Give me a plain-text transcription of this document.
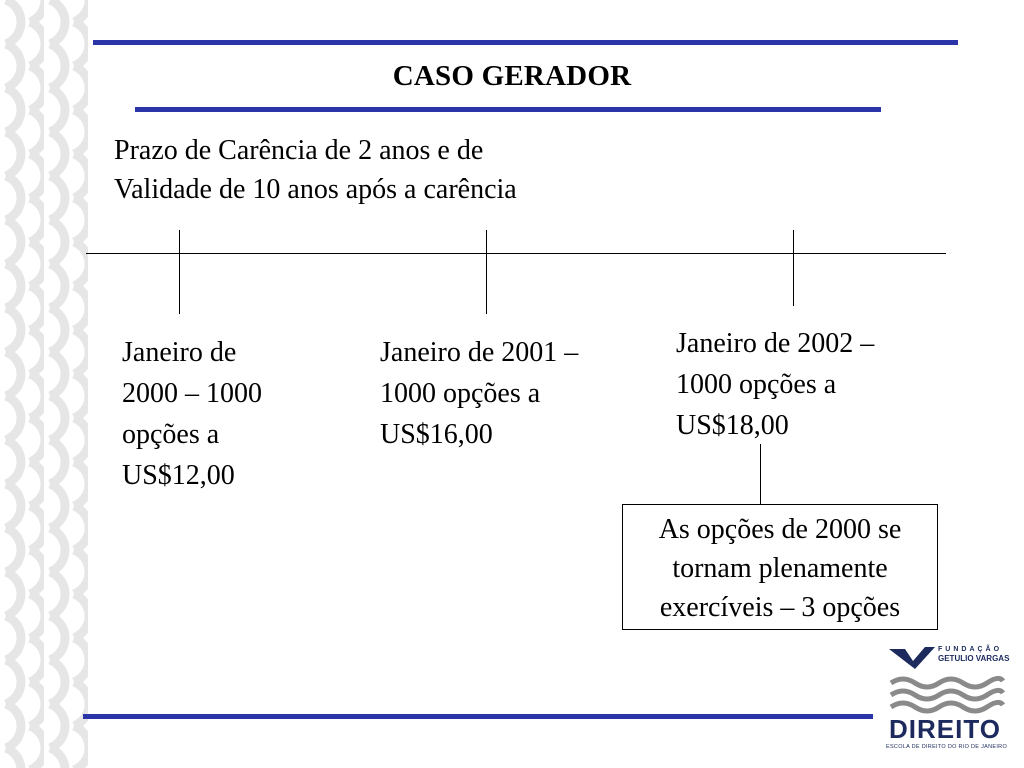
CASO GERADOR
Prazo de Carência de 2 anos e de
Validade de 10 anos após a carência
Janeiro de
2000 – 1000
opções a
US$12,00
Janeiro de 2001 –
1000 opções a
US$16,00
Janeiro de 2002 –
1000 opções a
US$18,00
As opções de 2000 se
tornam plenamente
exercíveis – 3 opções
FUNDAÇÃO
GETULIO VARGAS
DIREITO
ESCOLA DE DIREITO DO RIO DE JANEIRO
